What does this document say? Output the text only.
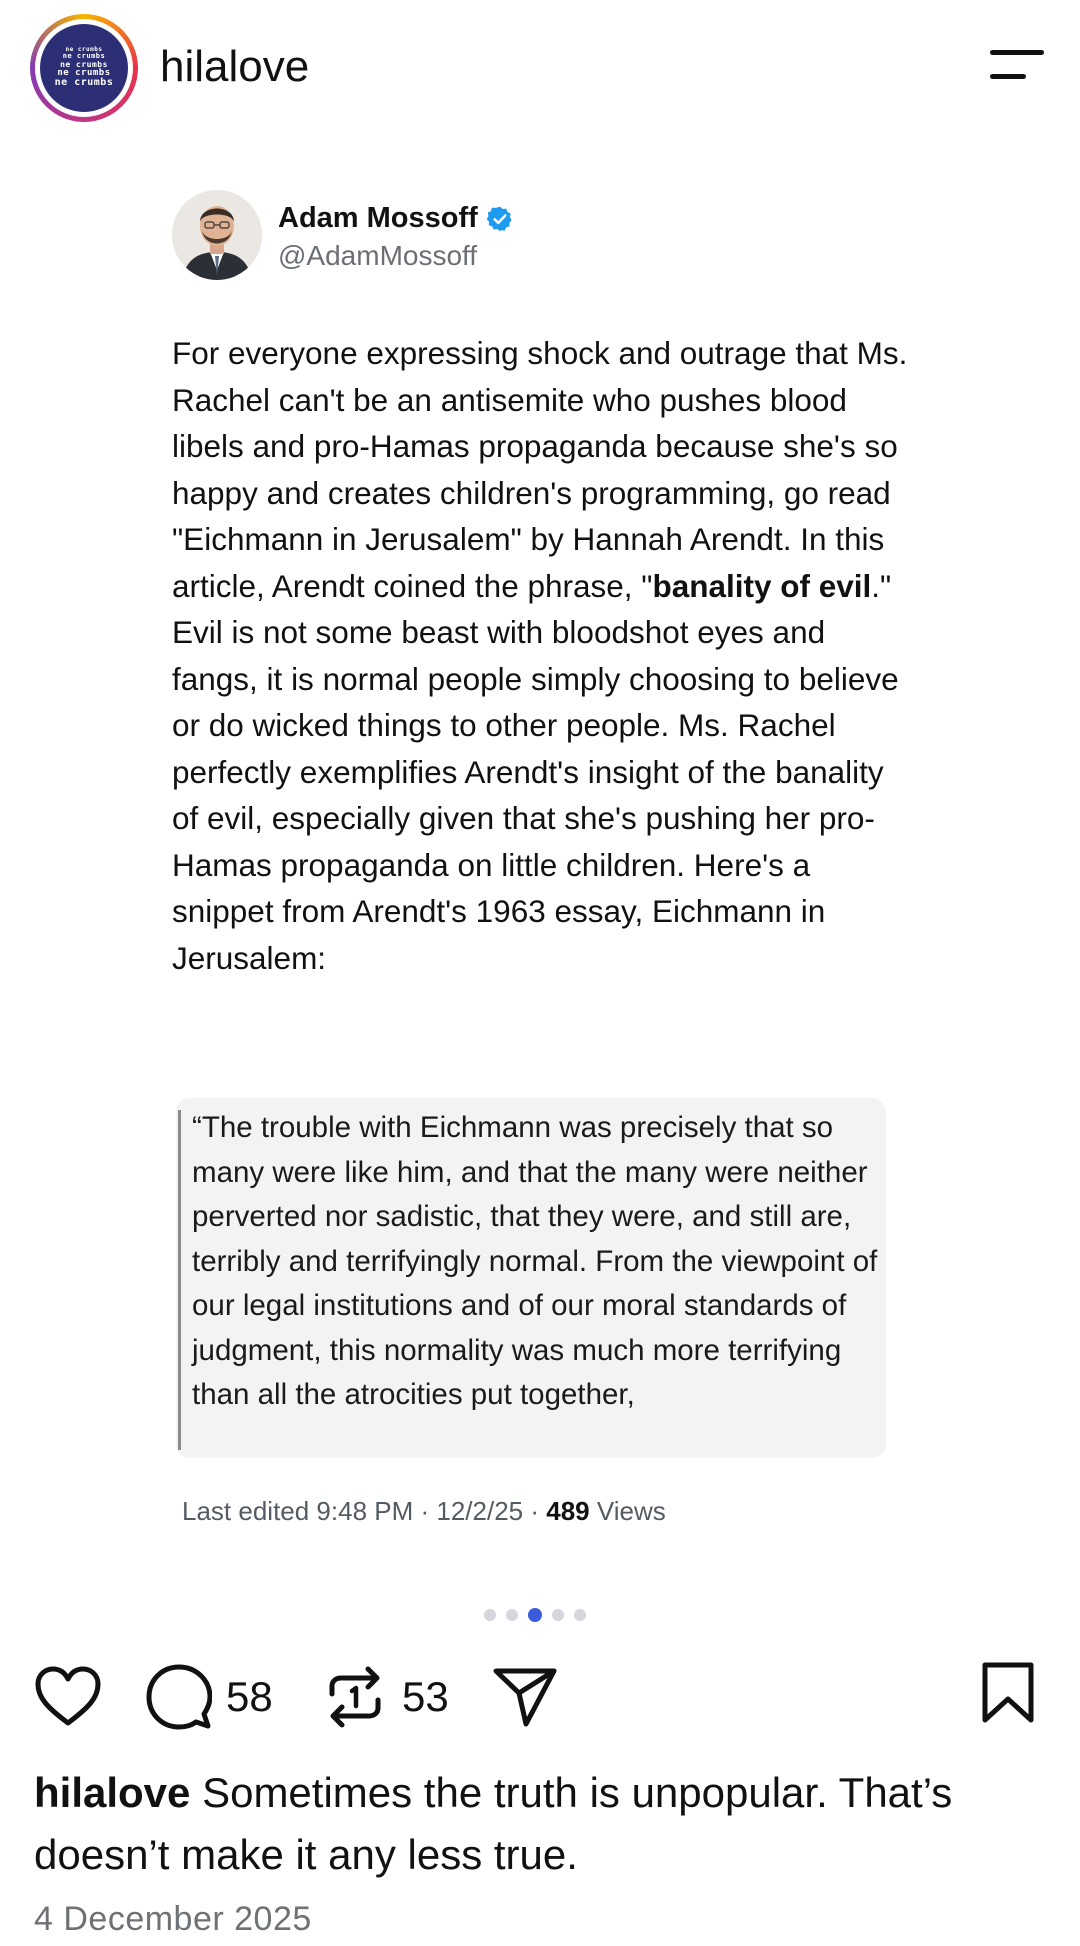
ne crumbs
ne crumbs
ne crumbs
ne crumbs
ne crumbs hilalove
Adam Mossoff
@AdamMossoff
For everyone expressing shock and outrage that Ms. Rachel can't be an antisemite who pushes blood libels and pro-Hamas propaganda because she's so happy and creates children's programming, go read "Eichmann in Jerusalem" by Hannah Arendt. In this article, Arendt coined the phrase, "banality of evil." Evil is not some beast with bloodshot eyes and fangs, it is normal people simply choosing to believe or do wicked things to other people. Ms. Rachel perfectly exemplifies Arendt's insight of the banality of evil, especially given that she's pushing her pro-Hamas propaganda on little children. Here's a snippet from Arendt's 1963 essay, Eichmann in Jerusalem:
“The trouble with Eichmann was precisely that so many were like him, and that the many were neither perverted nor sadistic, that they were, and still are, terribly and terrifyingly normal. From the viewpoint of our legal institutions and of our moral standards of judgment, this normality was much more terrifying than all the atrocities put together,
Last edited 9:48 PM · 12/2/25 · 489 Views
58	53
hilalove Sometimes the truth is unpopular. That’s doesn’t make it any less true.
4 December 2025
